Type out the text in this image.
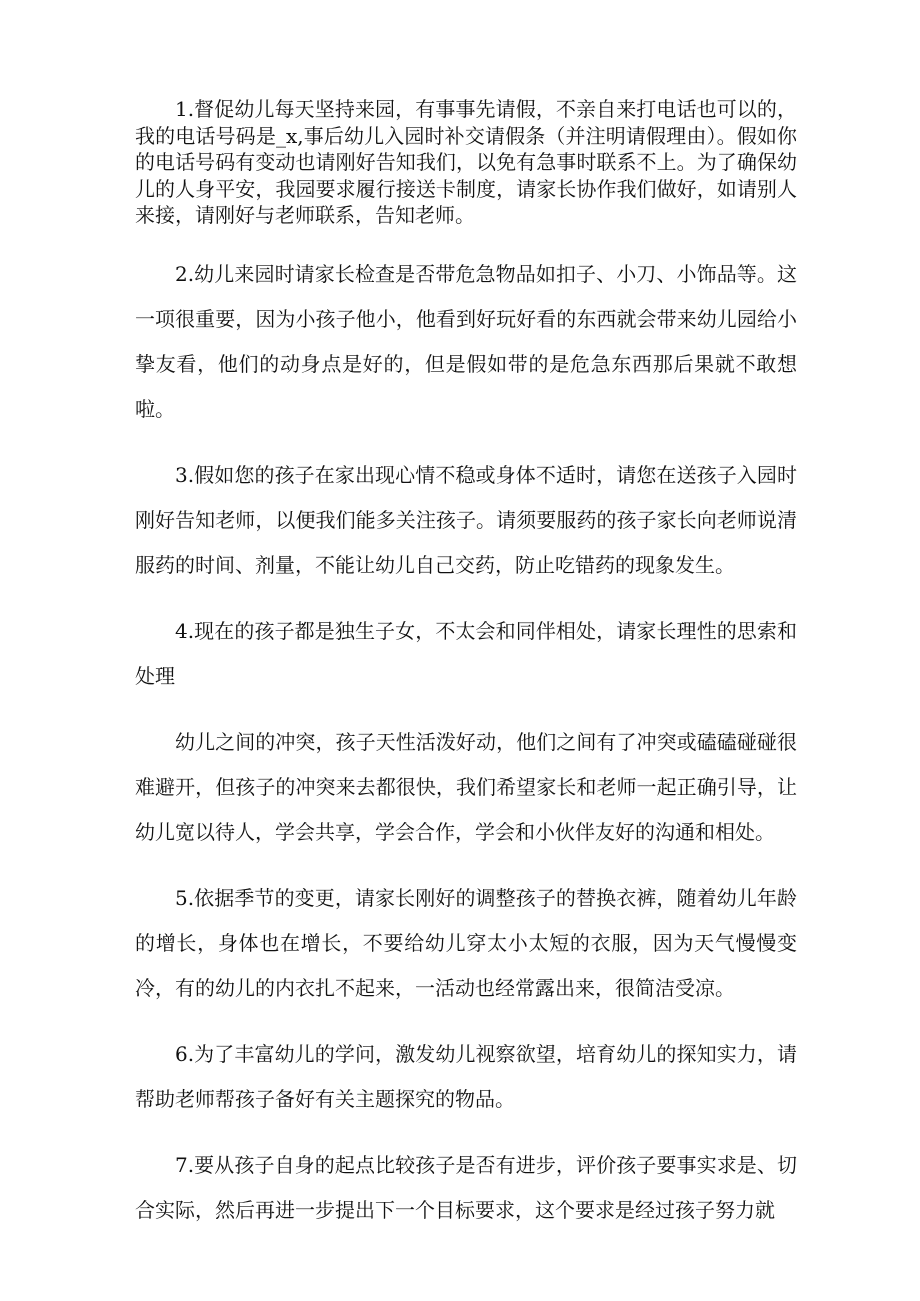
1.督促幼儿每天坚持来园，有事事先请假，不亲自来打电话也可以的，我的电话号码是_x,事后幼儿入园时补交请假条（并注明请假理由）。假如你的电话号码有变动也请刚好告知我们，以免有急事时联系不上。为了确保幼儿的人身平安，我园要求履行接送卡制度，请家长协作我们做好，如请别人来接，请刚好与老师联系，告知老师。

2.幼儿来园时请家长检查是否带危急物品如扣子、小刀、小饰品等。这一项很重要，因为小孩子他小，他看到好玩好看的东西就会带来幼儿园给小挚友看，他们的动身点是好的，但是假如带的是危急东西那后果就不敢想啦。

3.假如您的孩子在家出现心情不稳或身体不适时，请您在送孩子入园时刚好告知老师，以便我们能多关注孩子。请须要服药的孩子家长向老师说清服药的时间、剂量，不能让幼儿自己交药，防止吃错药的现象发生。

4.现在的孩子都是独生子女，不太会和同伴相处，请家长理性的思索和处理

幼儿之间的冲突，孩子天性活泼好动，他们之间有了冲突或磕磕碰碰很难避开，但孩子的冲突来去都很快，我们希望家长和老师一起正确引导，让幼儿宽以待人，学会共享，学会合作，学会和小伙伴友好的沟通和相处。

5.依据季节的变更，请家长刚好的调整孩子的替换衣裤，随着幼儿年龄的增长，身体也在增长，不要给幼儿穿太小太短的衣服，因为天气慢慢变冷，有的幼儿的内衣扎不起来，一活动也经常露出来，很简洁受凉。

6.为了丰富幼儿的学问，激发幼儿视察欲望，培育幼儿的探知实力，请帮助老师帮孩子备好有关主题探究的物品。

7.要从孩子自身的起点比较孩子是否有进步，评价孩子要事实求是、切合实际，然后再进一步提出下一个目标要求，这个要求是经过孩子努力就
